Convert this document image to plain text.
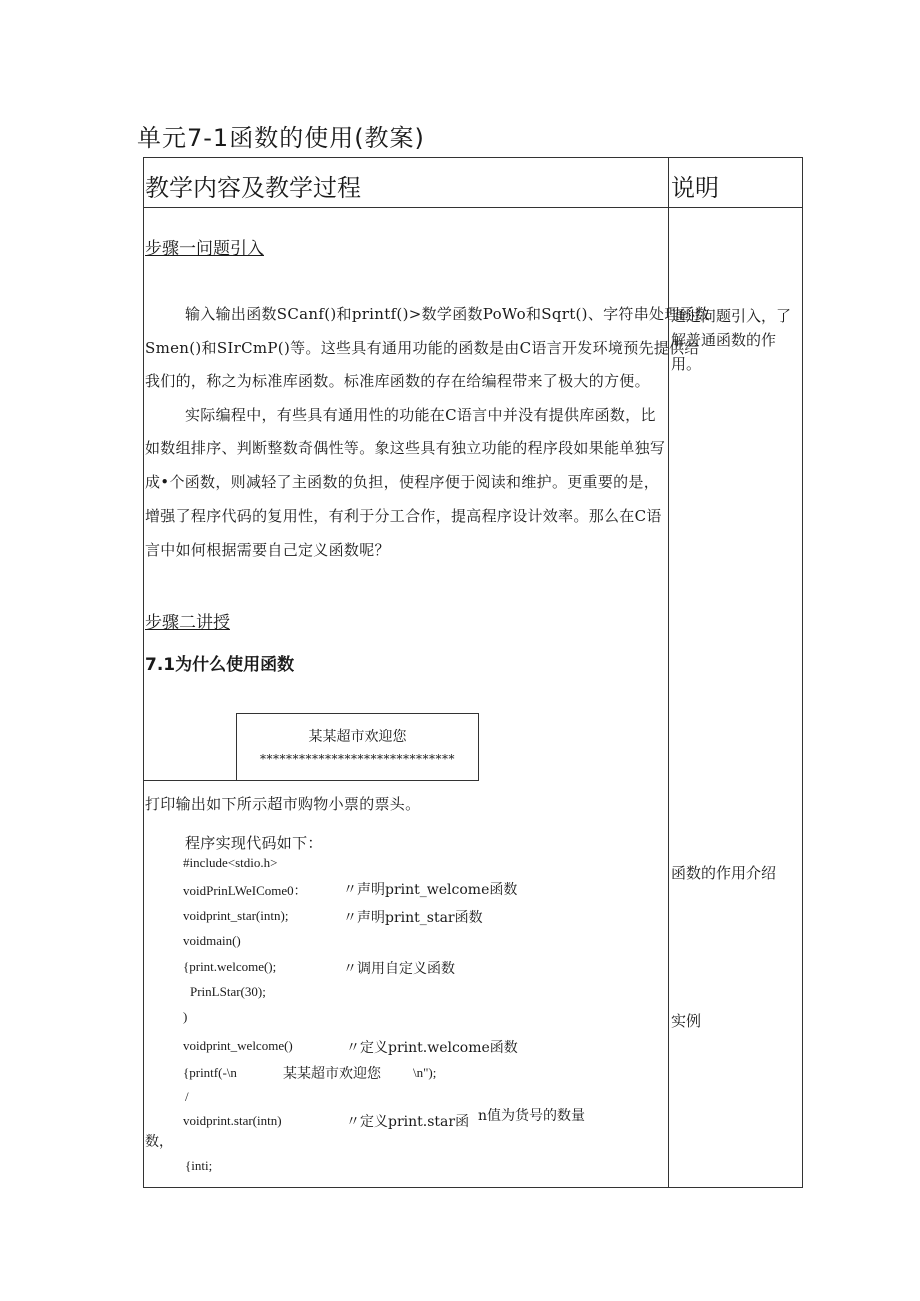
单元7-1函数的使用(教案)
教学内容及教学过程	说明
步骤一问题引入
输入输出函数SCanf()和printf()>数学函数PoWo和Sqrt()、字符串处理函数
Smen()和SIrCmP()等。这些具有通用功能的函数是由C语言开发环境预先提供给
我们的，称之为标准库函数。标准库函数的存在给编程带来了极大的方便。
实际编程中，有些具有通用性的功能在C语言中并没有提供库函数，比
如数组排序、判断整数奇偶性等。象这些具有独立功能的程序段如果能单独写
成•个函数，则减轻了主函数的负担，使程序便于阅读和维护。更重要的是，
增强了程序代码的复用性，有利于分工合作，提高程序设计效率。那么在C语
言中如何根据需要自己定义函数呢？
通过问题引入，了
解普通函数的作
用。
函数的作用介绍
实例
步骤二讲授
7.1为什么使用函数
某某超市欢迎您
******************************
打印输出如下所示超市购物小票的票头。
程序实现代码如下：
#include<stdio.h>
voidPrinLWeICome0：	〃声明print_welcome函数
voidprint_star(intn);	〃声明print_star函数
voidmain()
{print.welcome();	〃调用自定义函数
PrinLStar(30);
)
voidprint_welcome()	〃定义print.welcome函数
{printf(-\n	某某超市欢迎您 \n");
/
voidprint.star(intn)	〃定义print.star函 n值为货号的数量
数，
{inti;
